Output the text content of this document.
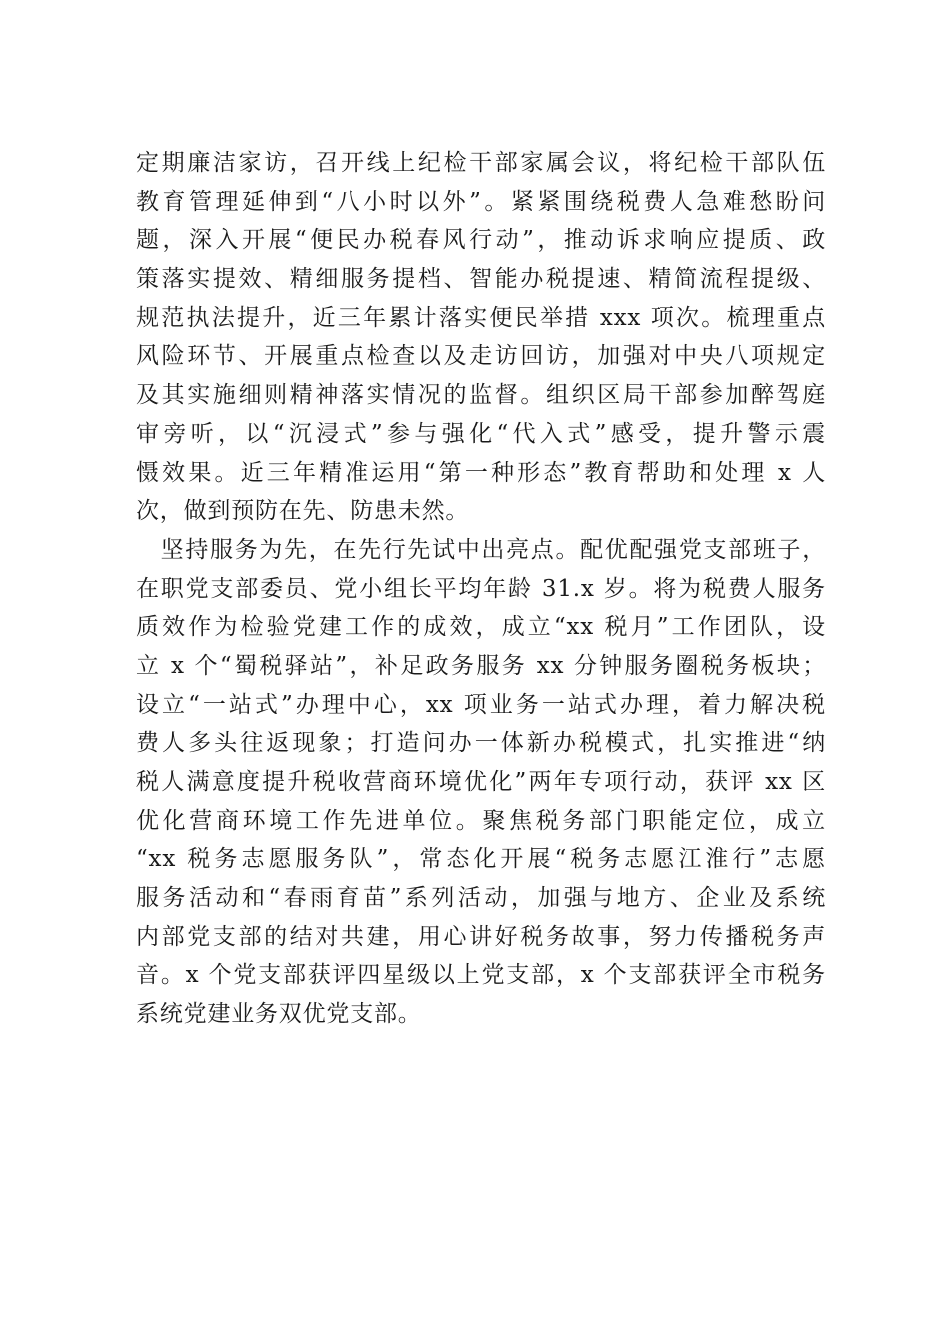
定期廉洁家访，召开线上纪检干部家属会议，将纪检干部队伍
教育管理延伸到“八小时以外”。紧紧围绕税费人急难愁盼问
题，深入开展“便民办税春风行动”，推动诉求响应提质、政
策落实提效、精细服务提档、智能办税提速、精简流程提级、
规范执法提升，近三年累计落实便民举措 xxx 项次。梳理重点
风险环节、开展重点检查以及走访回访，加强对中央八项规定
及其实施细则精神落实情况的监督。组织区局干部参加醉驾庭
审旁听，以“沉浸式”参与强化“代入式”感受，提升警示震
慑效果。近三年精准运用“第一种形态”教育帮助和处理 x 人
次，做到预防在先、防患未然。
　坚持服务为先，在先行先试中出亮点。配优配强党支部班子，
在职党支部委员、党小组长平均年龄 31.x 岁。将为税费人服务
质效作为检验党建工作的成效，成立“xx 税月”工作团队，设
立 x 个“蜀税驿站”，补足政务服务 xx 分钟服务圈税务板块；
设立“一站式”办理中心，xx 项业务一站式办理，着力解决税
费人多头往返现象；打造问办一体新办税模式，扎实推进“纳
税人满意度提升税收营商环境优化”两年专项行动，获评 xx 区
优化营商环境工作先进单位。聚焦税务部门职能定位，成立
“xx 税务志愿服务队”，常态化开展“税务志愿江淮行”志愿
服务活动和“春雨育苗”系列活动，加强与地方、企业及系统
内部党支部的结对共建，用心讲好税务故事，努力传播税务声
音。x 个党支部获评四星级以上党支部，x 个支部获评全市税务
系统党建业务双优党支部。
